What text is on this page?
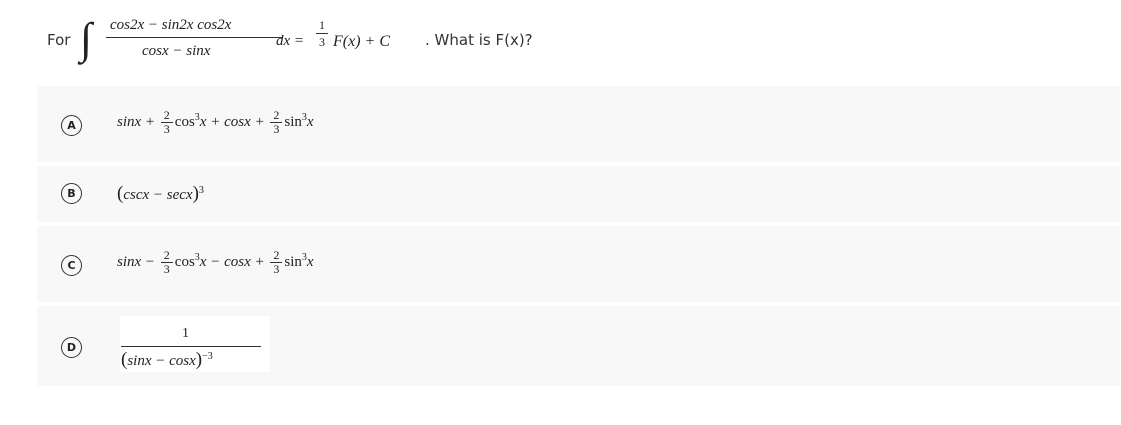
For ∫ cos2x − sin2x cos2x
cosx − sinx
dx =
1
3 F(x) + C . What is F(x)?
A	$\sin x + \frac{2}{3} \cos^3x + \cos x + \frac{2}{3} \sin^3x$
B	$(\csc x - \sec x)^3$
C	$\sin x - \frac{2}{3} \cos^3x - \cos x + \frac{2}{3} \sin^3x$
D
1
$(\sin x - \cos x)^{-3}$
